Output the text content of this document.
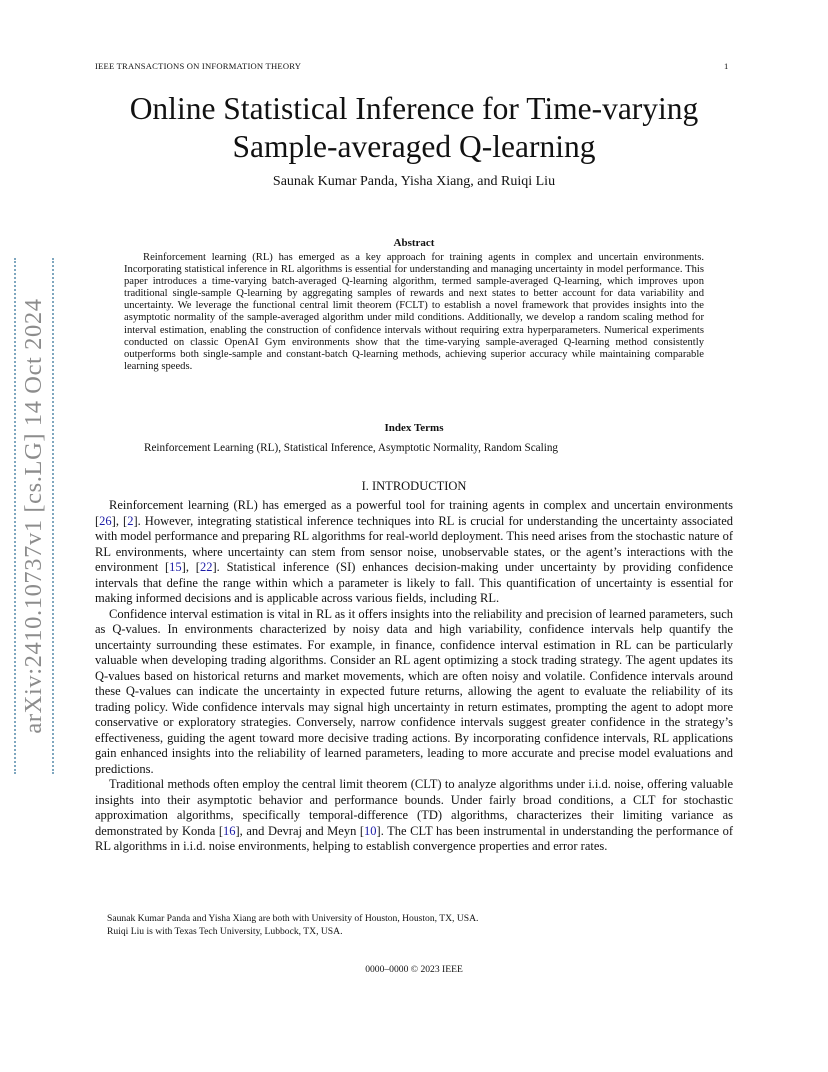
IEEE TRANSACTIONS ON INFORMATION THEORY	1
arXiv:2410.10737v1 [cs.LG] 14 Oct 2024
Online Statistical Inference for Time-varying
Sample-averaged Q-learning
Saunak Kumar Panda, Yisha Xiang, and Ruiqi Liu
Abstract

Reinforcement learning (RL) has emerged as a key approach for training agents in complex and uncertain environments. Incorporating statistical inference in RL algorithms is essential for understanding and managing uncertainty in model performance. This paper introduces a time-varying batch-averaged Q-learning algorithm, termed sample-averaged Q-learning, which improves upon traditional single-sample Q-learning by aggregating samples of rewards and next states to better account for data variability and uncertainty. We leverage the functional central limit theorem (FCLT) to establish a novel framework that provides insights into the asymptotic normality of the sample-averaged algorithm under mild conditions. Additionally, we develop a random scaling method for interval estimation, enabling the construction of confidence intervals without requiring extra hyperparameters. Numerical experiments conducted on classic OpenAI Gym environments show that the time-varying sample-averaged Q-learning method consistently outperforms both single-sample and constant-batch Q-learning methods, achieving superior accuracy while maintaining comparable learning speeds.

Index Terms
Reinforcement Learning (RL), Statistical Inference, Asymptotic Normality, Random Scaling
I. INTRODUCTION

Reinforcement learning (RL) has emerged as a powerful tool for training agents in complex and uncertain environments [26], [2]. However, integrating statistical inference techniques into RL is crucial for understanding the uncertainty associated with model performance and preparing RL algorithms for real-world deployment. This need arises from the stochastic nature of RL environments, where uncertainty can stem from sensor noise, unobservable states, or the agent’s interactions with the environment [15], [22]. Statistical inference (SI) enhances decision-making under uncertainty by providing confidence intervals that define the range within which a parameter is likely to fall. This quantification of uncertainty is essential for making informed decisions and is applicable across various fields, including RL.

Confidence interval estimation is vital in RL as it offers insights into the reliability and precision of learned parameters, such as Q-values. In environments characterized by noisy data and high variability, confidence intervals help quantify the uncertainty surrounding these estimates. For example, in finance, confidence interval estimation in RL can be particularly valuable when developing trading algorithms. Consider an RL agent optimizing a stock trading strategy. The agent updates its Q-values based on historical returns and market movements, which are often noisy and volatile. Confidence intervals around these Q-values can indicate the uncertainty in expected future returns, allowing the agent to evaluate the reliability of its trading policy. Wide confidence intervals may signal high uncertainty in return estimates, prompting the agent to adopt more conservative or exploratory strategies. Conversely, narrow confidence intervals suggest greater confidence in the strategy’s effectiveness, guiding the agent toward more decisive trading actions. By incorporating confidence intervals, RL applications gain enhanced insights into the reliability of learned parameters, leading to more accurate and precise model evaluations and predictions.

Traditional methods often employ the central limit theorem (CLT) to analyze algorithms under i.i.d. noise, offering valuable insights into their asymptotic behavior and performance bounds. Under fairly broad conditions, a CLT for stochastic approximation algorithms, specifically temporal-difference (TD) algorithms, characterizes their limiting variance as demonstrated by Konda [16], and Devraj and Meyn [10]. The CLT has been instrumental in understanding the performance of RL algorithms in i.i.d. noise environments, helping to establish convergence properties and error rates.

Saunak Kumar Panda and Yisha Xiang are both with University of Houston, Houston, TX, USA.
Ruiqi Liu is with Texas Tech University, Lubbock, TX, USA.
0000–0000 © 2023 IEEE
